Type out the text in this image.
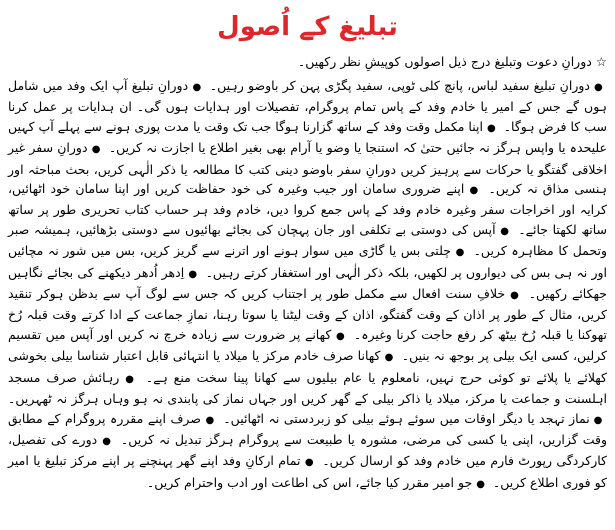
تبلیغ کے اُصول
☆ دورانِ دعوت وتبلیغ درج ذیل اصولوں کوپیشِ نظر رکھیں۔
●دورانِ تبلیغ سفید لباس، پانچ کلی ٹوپی، سفید پگڑی پہن کر باوضو رہیں۔ ●دورانِ تبلیغ آپ ایک وفد میں شامل ہوں گے جس کے امیر یا خادم وفد کے پاس تمام پروگرام، تفصیلات اور ہدایات ہوں گی۔ ان ہدایات پر عمل کرنا سب کا فرض ہوگا۔ ●اپنا مکمل وقت وفد کے ساتھ گزارنا ہوگا جب تک وقت یا مدت پوری ہونے سے پہلے آپ کہیں علیحدہ یا واپس ہرگز نہ جائیں حتیٰ کہ استنجا یا وضو یا آرام بھی بغیر اطلاع یا اجازت نہ کریں۔ ●دورانِ سفر غیر اخلاقی گفتگو یا حرکات سے پرہیز کریں دورانِ سفر باوضو دینی کتب کا مطالعہ یا ذکر الٰہی کریں، بحث مباحثہ اور ہنسی مذاق نہ کریں۔ ●اپنے ضروری سامان اور جیب وغیرہ کی خود حفاظت کریں اور اپنا سامان خود اٹھائیں، کرایہ اور اخراجات سفر وغیرہ خادم وفد کے پاس جمع کروا دیں، خادم وفد ہر حساب کتاب تحریری طور پر ساتھ ساتھ لکھتا جائے۔ ●آپس کی دوستی بے تکلفی اور جان پہچان کی بجائے بھائیوں سے دوستی بڑھائیں، ہمیشہ صبر وتحمل کا مظاہرہ کریں۔ ●چلتی بس یا گاڑی میں سوار ہونے اور اترنے سے گریز کریں، بس میں شور نہ مچائیں اور نہ ہی بس کی دیواروں پر لکھیں، بلکہ ذکر الٰہی اور استغفار کرتے رہیں۔ ●اِدھر اُدھر دیکھنے کی بجائے نگاہیں جھکائے رکھیں۔ ●خلافِ سنت افعال سے مکمل طور پر اجتناب کریں کہ جس سے لوگ آپ سے بدظن ہوکر تنقید کریں، مثال کے طور پر اذان کے وقت گفتگو، اذان کے وقت لیٹنا یا سوتا رہنا، نمازِ جماعت کے ادا کرتے وقت قبلہ رُخ تھوکنا یا قبلہ رُخ بیٹھ کر رفع حاجت کرنا وغیرہ۔ ●کھانے پر ضرورت سے زیادہ خرچ نہ کریں اور آپس میں تقسیم کرلیں، کسی ایک بیلی پر بوجھ نہ بنیں۔ ●کھانا صرف خادم مرکز یا میلاد یا انتہائی قابل اعتبار شناسا بیلی بخوشی کھلائے یا پلائے تو کوئی حرج نہیں، نامعلوم یا عام بیلیوں سے کھانا پینا سخت منع ہے۔ ●رہائش صرف مسجد اہلسنت و جماعت یا مرکز، میلاد یا ذاکر بیلی کے گھر کریں اور جہاں نماز کی پابندی نہ ہو وہاں ہرگز نہ ٹھہریں۔ ●نماز تہجد یا دیگر اوقات میں سوئے ہوئے بیلی کو زبردستی نہ اٹھائیں۔ ●صرف اپنے مقررہ پروگرام کے مطابق وقت گزاریں، اپنی یا کسی کی مرضی، مشورہ یا طبیعت سے پروگرام ہرگز تبدیل نہ کریں۔ ●دورے کی تفصیل، کارکردگی رپورٹ فارم میں خادم وفد کو ارسال کریں۔ ●تمام ارکانِ وفد اپنے گھر پہنچنے پر اپنے مرکز تبلیغ یا امیر کو فوری اطلاع کریں۔ ●جو امیر مقرر کیا جائے، اس کی اطاعت اور ادب واحترام کریں۔
